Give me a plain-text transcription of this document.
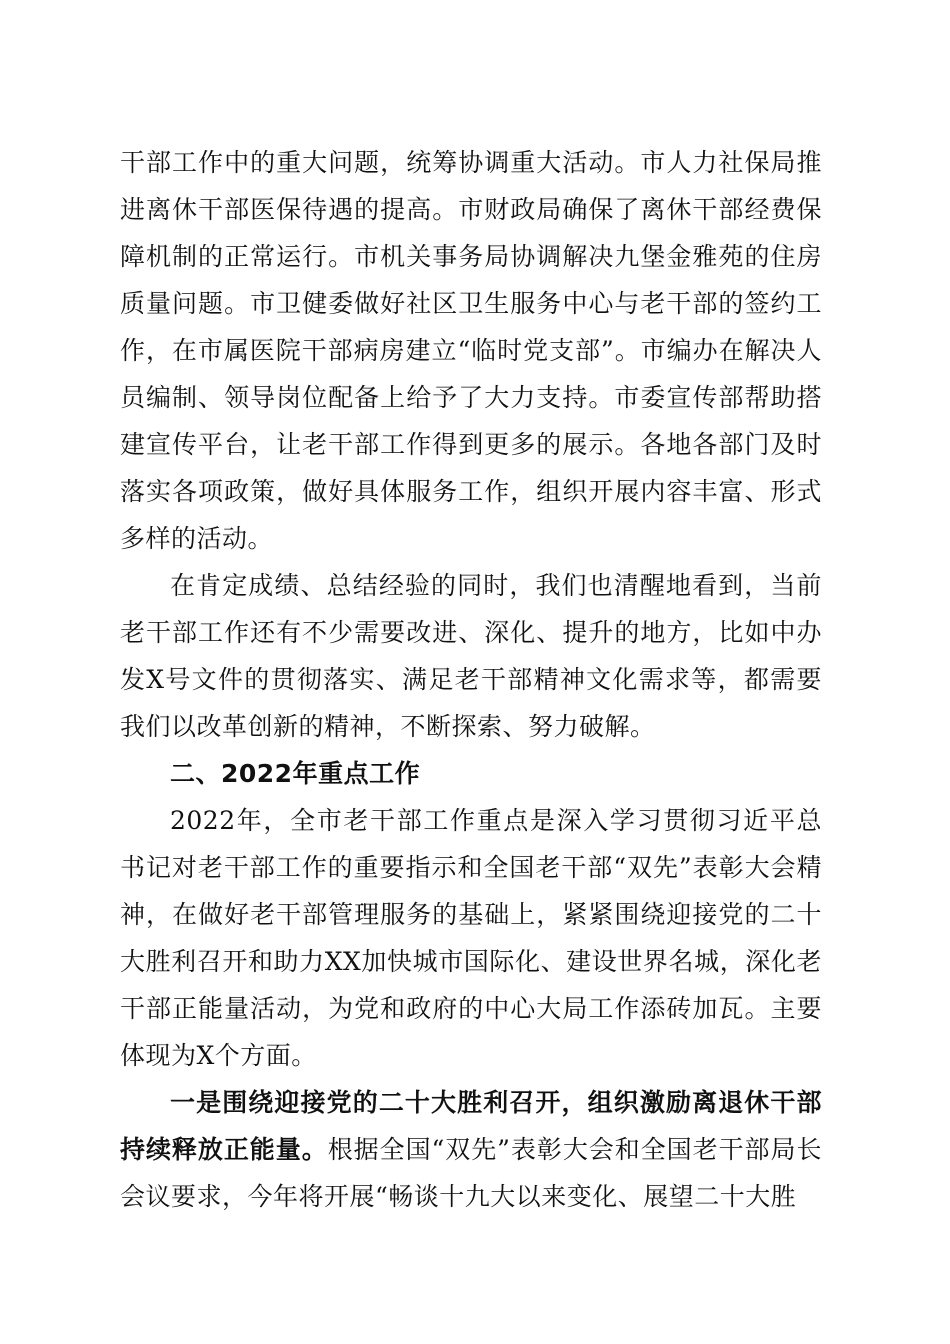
干部工作中的重大问题，统筹协调重大活动。市人力社保局推进离休干部医保待遇的提高。市财政局确保了离休干部经费保障机制的正常运行。市机关事务局协调解决九堡金雅苑的住房质量问题。市卫健委做好社区卫生服务中心与老干部的签约工作，在市属医院干部病房建立“临时党支部”。市编办在解决人员编制、领导岗位配备上给予了大力支持。市委宣传部帮助搭建宣传平台，让老干部工作得到更多的展示。各地各部门及时落实各项政策，做好具体服务工作，组织开展内容丰富、形式多样的活动。

在肯定成绩、总结经验的同时，我们也清醒地看到，当前老干部工作还有不少需要改进、深化、提升的地方，比如中办发X号文件的贯彻落实、满足老干部精神文化需求等，都需要我们以改革创新的精神，不断探索、努力破解。

二、2022年重点工作

2022年，全市老干部工作重点是深入学习贯彻习近平总书记对老干部工作的重要指示和全国老干部“双先”表彰大会精神，在做好老干部管理服务的基础上，紧紧围绕迎接党的二十大胜利召开和助力XX加快城市国际化、建设世界名城，深化老干部正能量活动，为党和政府的中心大局工作添砖加瓦。主要体现为X个方面。

一是围绕迎接党的二十大胜利召开，组织激励离退休干部持续释放正能量。根据全国“双先”表彰大会和全国老干部局长会议要求，今年将开展“畅谈十九大以来变化、展望二十大胜
